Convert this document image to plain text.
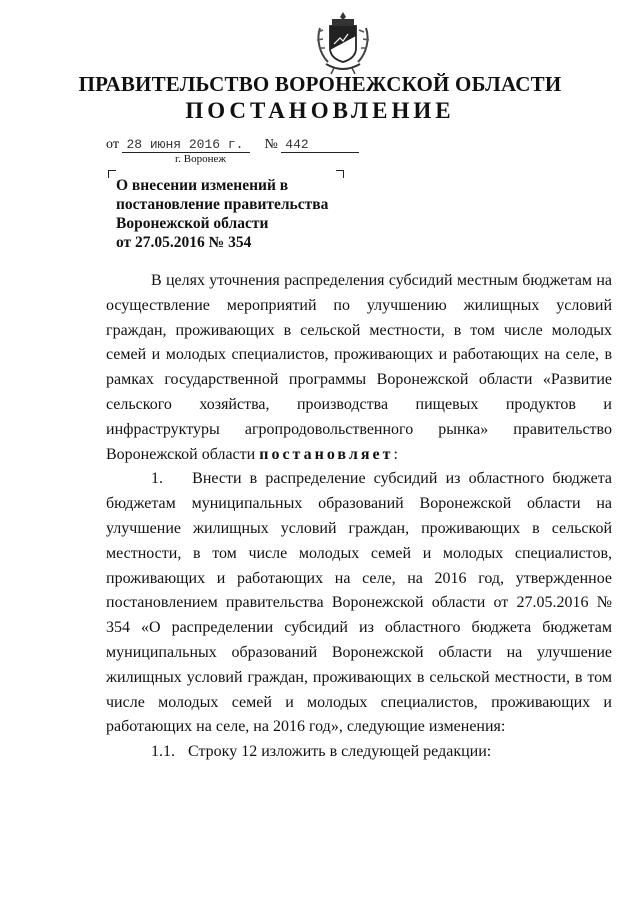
ПРАВИТЕЛЬСТВО ВОРОНЕЖСКОЙ ОБЛАСТИ
ПОСТАНОВЛЕНИЕ
от 28 июня 2016 г. № 442
г. Воронеж
О внесении изменений в
постановление правительства
Воронежской области
от 27.05.2016 № 354

В целях уточнения распределения субсидий местным бюджетам на осуществление мероприятий по улучшению жилищных условий граждан, проживающих в сельской местности, в том числе молодых семей и молодых специалистов, проживающих и работающих на селе, в рамках государственной программы Воронежской области «Развитие сельского хозяйства, производства пищевых продуктов и инфраструктуры агропродовольственного рынка» правительство Воронежской области постановляет:

1. Внести в распределение субсидий из областного бюджета бюджетам муниципальных образований Воронежской области на улучшение жилищных условий граждан, проживающих в сельской местности, в том числе молодых семей и молодых специалистов, проживающих и работающих на селе, на 2016 год, утвержденное постановлением правительства Воронежской области от 27.05.2016 № 354 «О распределении субсидий из областного бюджета бюджетам муниципальных образований Воронежской области на улучшение жилищных условий граждан, проживающих в сельской местности, в том числе молодых семей и молодых специалистов, проживающих и работающих на селе, на 2016 год», следующие изменения:

1.1. Строку 12 изложить в следующей редакции:
